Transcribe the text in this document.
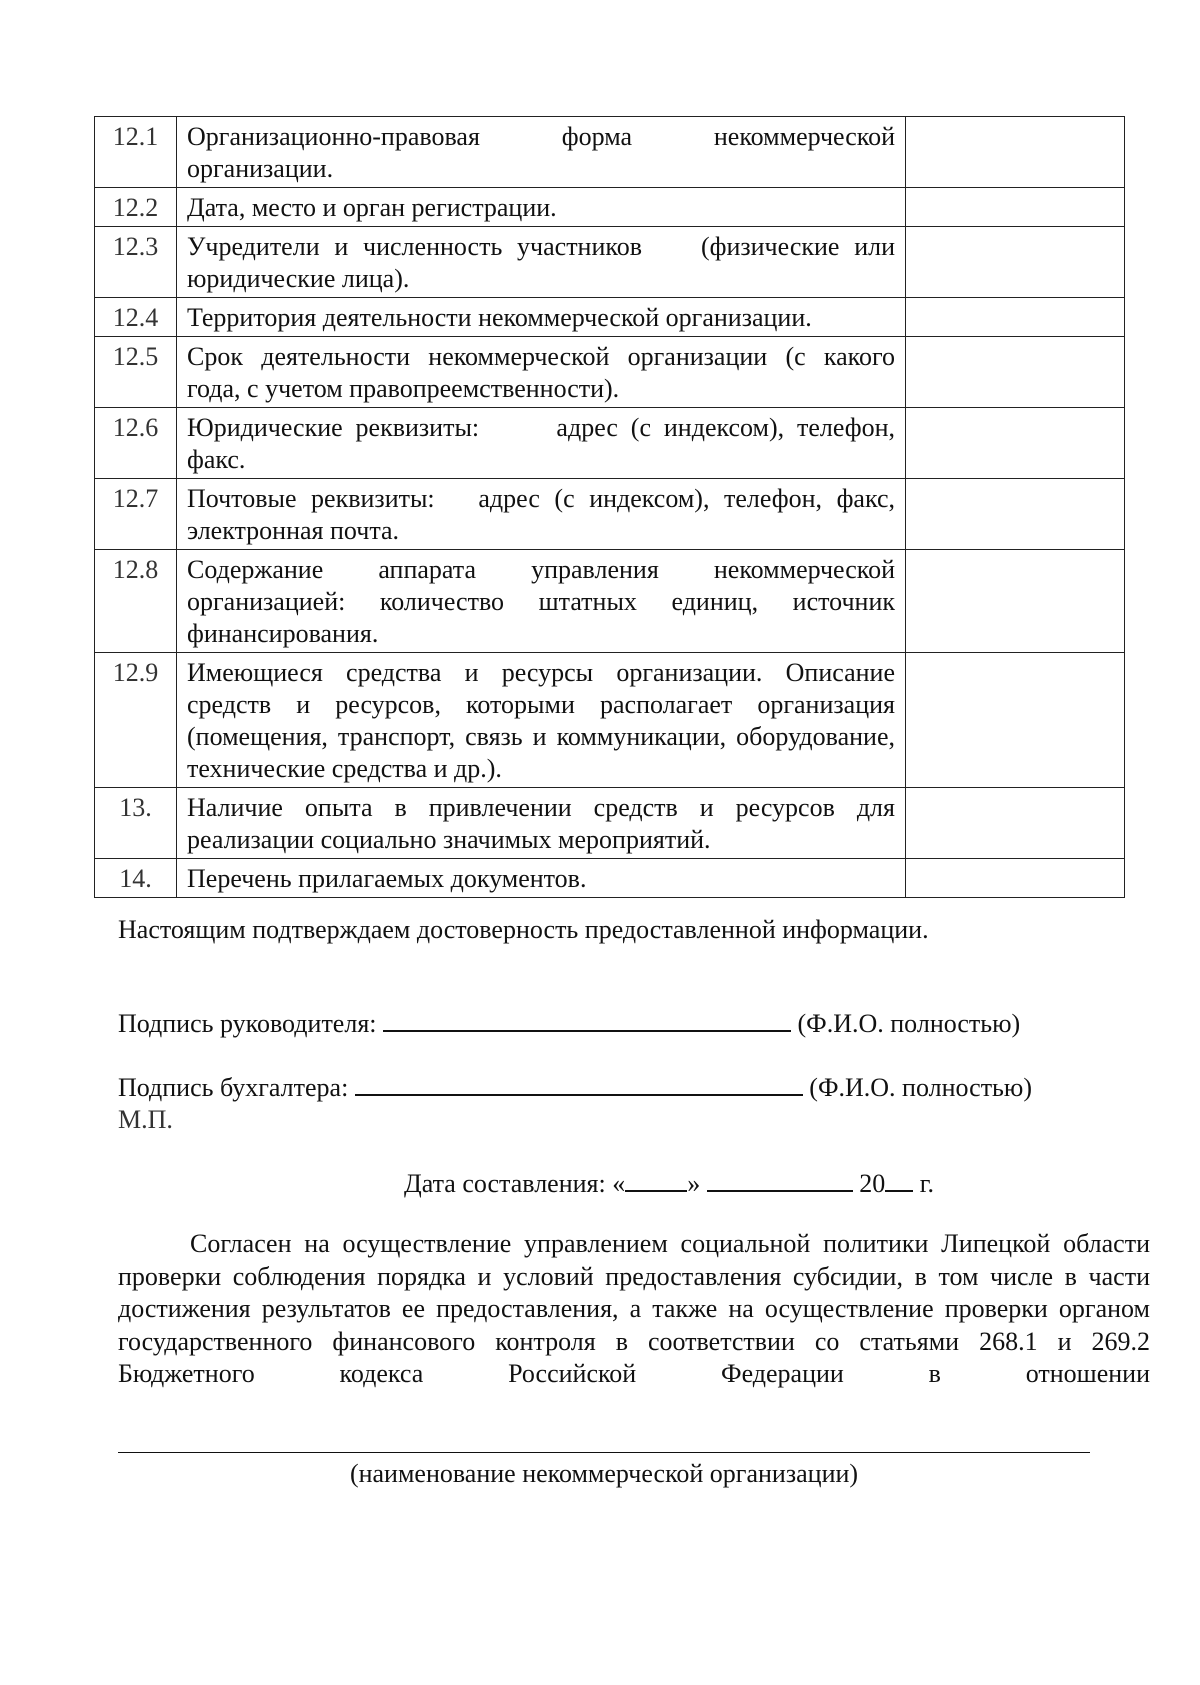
12.1	Организационно-правовая форма некоммерческой организации.	
12.2	Дата, место и орган регистрации.	
12.3	Учредители и численность участников    (физические или юридические лица).	
12.4	Территория деятельности некоммерческой организации.	
12.5	Срок деятельности некоммерческой организации (с какого года, с учетом правопреемственности).	
12.6	Юридические реквизиты:      адрес (с индексом), телефон, факс.	
12.7	Почтовые реквизиты:   адрес (с индексом), телефон, факс, электронная почта.	
12.8	Содержание аппарата управления некоммерческой организацией: количество штатных единиц, источник финансирования.	
12.9	Имеющиеся средства и ресурсы организации. Описание средств и ресурсов, которыми располагает организация (помещения, транспорт, связь и коммуникации, оборудование, технические средства и др.).	
13.	Наличие опыта в привлечении средств и ресурсов для реализации социально значимых мероприятий.	
14.	Перечень прилагаемых документов.	
Настоящим подтверждаем достоверность предоставленной информации.
Подпись руководителя:	(Ф.И.О. полностью)
Подпись бухгалтера:	(Ф.И.О. полностью)
М.П.
Дата составления: « »	20 г.

Согласен на осуществление управлением социальной политики Липецкой области проверки соблюдения порядка и условий предоставления субсидии, в том числе в части достижения результатов ее предоставления, а также на осуществление проверки органом государственного финансового контроля в соответствии со статьями 268.1 и 269.2 Бюджетного кодекса Российской Федерации в отношении

(наименование некоммерческой организации)
